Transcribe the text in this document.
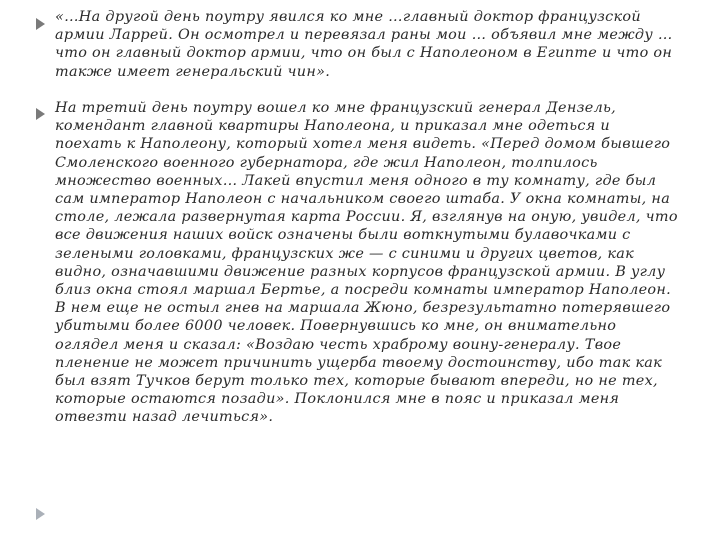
«…На другой день поутру явился ко мне …главный доктор французской армии Ларрей. Он осмотрел и перевязал раны мои … объявил мне между …что он главный доктор армии, что он был с Наполеоном в Египте и что он также имеет генеральский чин».

На третий день поутру вошел ко мне французский генерал Дензель, комендант главной квартиры Наполеона, и приказал мне одеться и поехать к Наполеону, который хотел меня видеть. «Перед домом бывшего Смоленского военного губернатора, где жил Наполеон, толпилось множество военных… Лакей впустил меня одного в ту комнату, где был сам император Наполеон с начальником своего штаба. У окна комнаты, на столе, лежала развернутая карта России. Я, взглянув на оную, увидел, что все движения наших войск означены были воткнутыми булавочками с зелеными головками, французских же — с синими и других цветов, как видно, означавшими движение разных корпусов французской армии. В углу близ окна стоял маршал Бертье, а посреди комнаты император Наполеон. В нем еще не остыл гнев на маршала Жюно, безрезультатно потерявшего убитыми более 6000 человек. Повернувшись ко мне, он внимательно оглядел меня и сказал: «Воздаю честь храброму воину-генералу. Твое пленение не может причинить ущерба твоему достоинству, ибо так как был взят Тучков берут только тех, которые бывают впереди, но не тех, которые остаются позади». Поклонился мне в пояс и приказал меня отвезти назад лечиться».
